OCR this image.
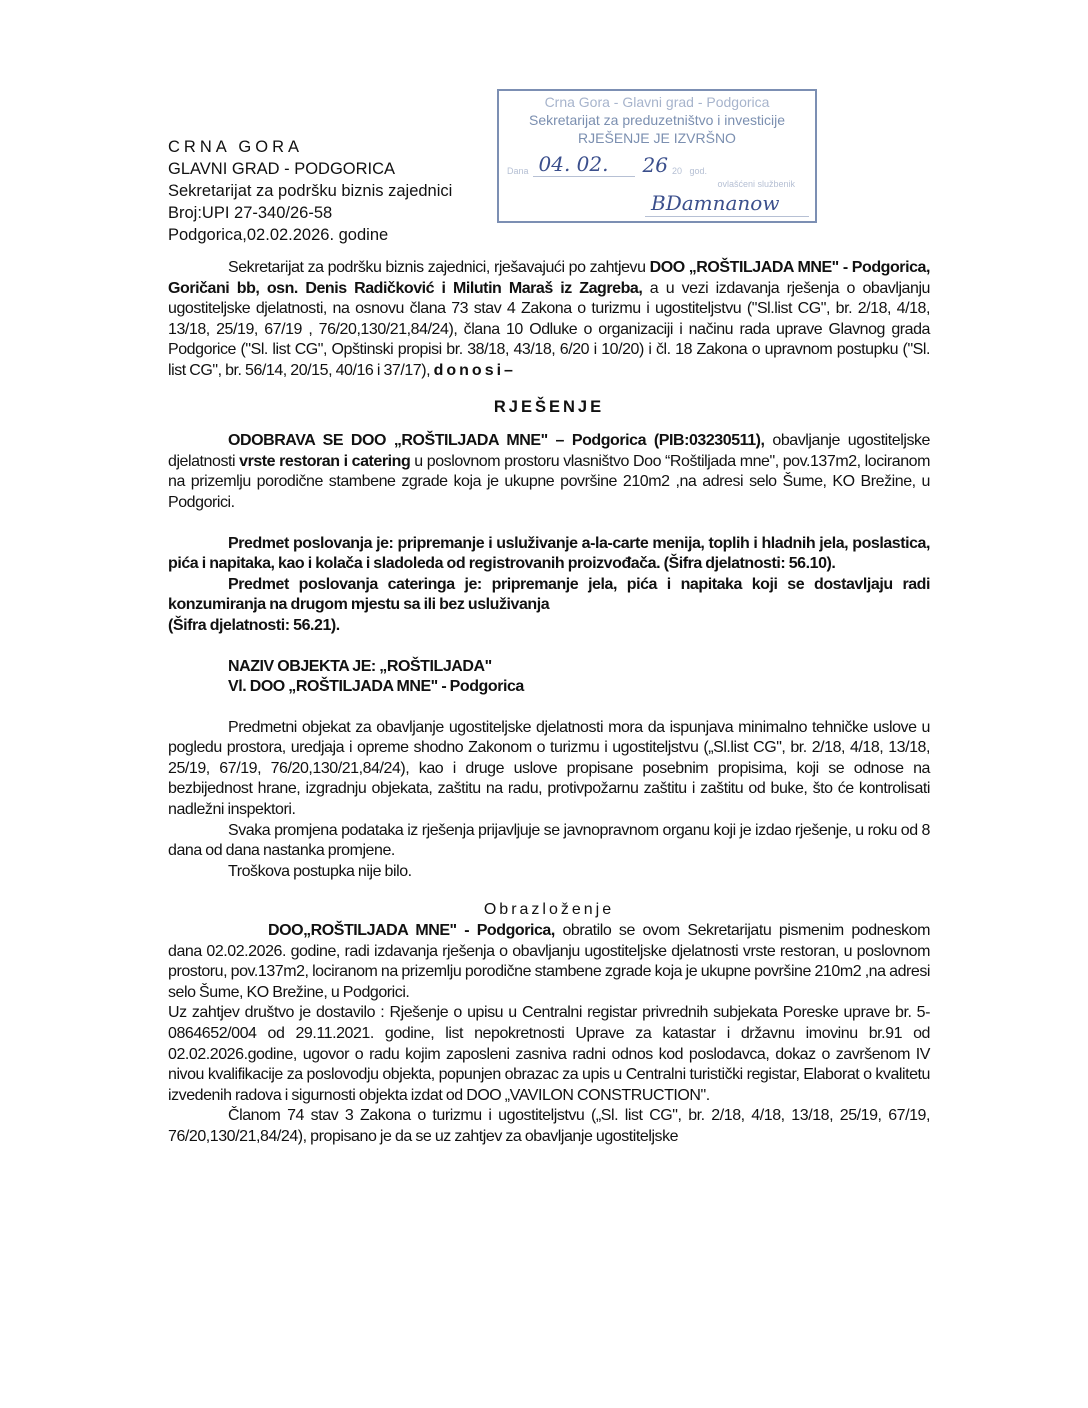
CRNA GORA
GLAVNI GRAD - PODGORICA
Sekretarijat za podršku biznis zajednici
Broj:UPI 27-340/26-58
Podgorica,02.02.2026. godine
Crna Gora - Glavni grad - Podgorica
Sekretarijat za preduzetništvo i investicije
RJEŠENJE JE IZVRŠNO
Dana 04. 02.	26 20   god.
ovlašćeni službenik
BDamnanow

Sekretarijat za podršku biznis zajednici, rješavajući po zahtjevu DOO „ROŠTILJADA MNE" - Podgorica, Goričani bb, osn. Denis Radičković i Milutin Maraš iz Zagreba, a u vezi izdavanja rješenja o obavljanju ugostiteljske djelatnosti, na osnovu člana 73 stav 4 Zakona o turizmu i ugostiteljstvu ("Sl.list CG", br. 2/18, 4/18, 13/18, 25/19, 67/19 , 76/20,130/21,84/24), člana 10 Odluke o organizaciji i načinu rada uprave Glavnog grada Podgorice ("Sl. list CG", Opštinski propisi br. 38/18, 43/18, 6/20 i 10/20) i čl. 18 Zakona o upravnom postupku ("Sl. list CG", br. 56/14, 20/15, 40/16 i 37/17), donosi–

RJEŠENJE

ODOBRAVA SE DOO „ROŠTILJADA MNE" – Podgorica (PIB:03230511), obavljanje ugostiteljske djelatnosti vrste restoran i catering u poslovnom prostoru vlasništvo Doo “Roštiljada mne", pov.137m2, lociranom na prizemlju porodične stambene zgrade koja je ukupne površine 210m2 ,na adresi selo Šume, KO Brežine, u Podgorici.

Predmet poslovanja je: pripremanje i usluživanje a-la-carte menija, toplih i hladnih jela, poslastica, pića i napitaka, kao i kolača i sladoleda od registrovanih proizvođača. (Šifra djelatnosti: 56.10).

Predmet poslovanja cateringa je: pripremanje jela, pića i napitaka koji se dostavljaju radi konzumiranja na drugom mjestu sa ili bez usluživanja

(Šifra djelatnosti: 56.21).

NAZIV OBJEKTA JE: „ROŠTILJADA"

Vl. DOO „ROŠTILJADA MNE" - Podgorica

Predmetni objekat za obavljanje ugostiteljske djelatnosti mora da ispunjava minimalno tehničke uslove u pogledu prostora, uredjaja i opreme shodno Zakonom o turizmu i ugostiteljstvu („Sl.list CG", br. 2/18, 4/18, 13/18, 25/19, 67/19, 76/20,130/21,84/24), kao i druge uslove propisane posebnim propisima, koji se odnose na bezbijednost hrane, izgradnju objekata, zaštitu na radu, protivpožarnu zaštitu i zaštitu od buke, što će kontrolisati nadležni inspektori.

Svaka promjena podataka iz rješenja prijavljuje se javnopravnom organu koji je izdao rješenje, u roku od 8 dana od dana nastanka promjene.

Troškova postupka nije bilo.

Obrazloženje

DOO„ROŠTILJADA MNE" - Podgorica, obratilo se ovom Sekretarijatu pismenim podneskom dana 02.02.2026. godine, radi izdavanja rješenja o obavljanju ugostiteljske djelatnosti vrste restoran, u poslovnom prostoru, pov.137m2, lociranom na prizemlju porodične stambene zgrade koja je ukupne površine 210m2 ,na adresi selo Šume, KO Brežine, u Podgorici.

Uz zahtjev društvo je dostavilo : Rješenje o upisu u Centralni registar privrednih subjekata Poreske uprave br. 5-0864652/004 od 29.11.2021. godine, list nepokretnosti Uprave za katastar i državnu imovinu br.91 od 02.02.2026.godine, ugovor o radu kojim zaposleni zasniva radni odnos kod poslodavca, dokaz o završenom IV nivou kvalifikacije za poslovodju objekta, popunjen obrazac za upis u Centralni turistički registar, Elaborat o kvalitetu izvedenih radova i sigurnosti objekta izdat od DOO „VAVILON CONSTRUCTION".

Članom 74 stav 3 Zakona o turizmu i ugostiteljstvu („Sl. list CG", br. 2/18, 4/18, 13/18, 25/19, 67/19, 76/20,130/21,84/24), propisano je da se uz zahtjev za obavljanje ugostiteljske
